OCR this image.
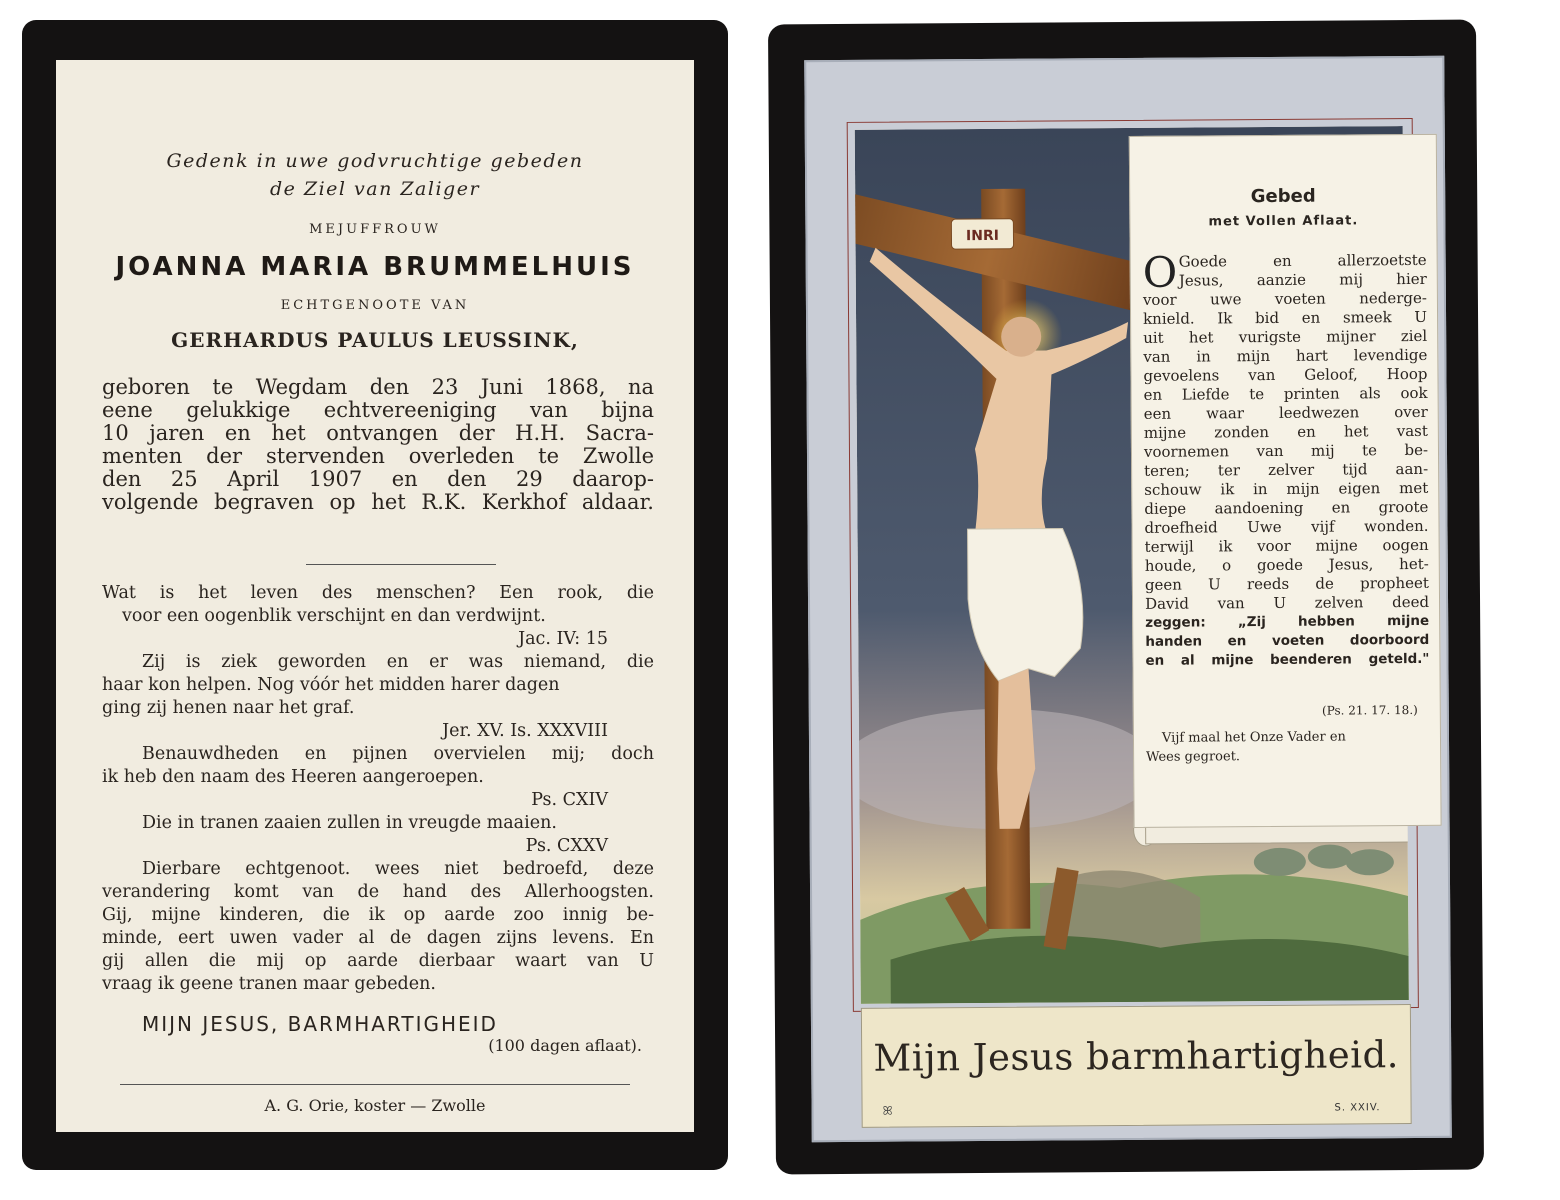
Gedenk in uwe godvruchtige gebeden
de Ziel van Zaliger
MEJUFFROUW
JOANNA MARIA BRUMMELHUIS
ECHTGENOOTE VAN
GERHARDUS PAULUS LEUSSINK,
geboren te Wegdam den 23 Juni 1868, na
eene gelukkige echtvereeniging van bijna
10 jaren en het ontvangen der H.H. Sacra-
menten der stervenden overleden te Zwolle
den 25 April 1907 en den 29 daarop-
volgende begraven op het R.K. Kerkhof aldaar.
Wat is het leven des menschen? Een rook, die
voor een oogenblik verschijnt en dan verdwijnt.
Jac. IV: 15
Zij is ziek geworden en er was niemand, die
haar kon helpen. Nog vóór het midden harer dagen
ging zij henen naar het graf.
Jer. XV. Is. XXXVIII
Benauwdheden en pijnen overvielen mij; doch
ik heb den naam des Heeren aangeroepen.
Ps. CXIV
Die in tranen zaaien zullen in vreugde maaien.
Ps. CXXV
Dierbare echtgenoot. wees niet bedroefd, deze
verandering komt van de hand des Allerhoogsten.
Gij, mijne kinderen, die ik op aarde zoo innig be-
minde, eert uwen vader al de dagen zijns levens. En
gij allen die mij op aarde dierbaar waart van U
vraag ik geene tranen maar gebeden.
MIJN JESUS, BARMHARTIGHEID
(100 dagen aflaat).
A. G. Orie, koster — Zwolle
INRI
Gebed
met Vollen Aflaat.
O Goede en allerzoetste
Jesus, aanzie mij hier
voor uwe voeten nederge-
knield. Ik bid en smeek U
uit het vurigste mijner ziel
van in mijn hart levendige
gevoelens van Geloof, Hoop
en Liefde te printen als ook
een waar leedwezen over
mijne zonden en het vast
voornemen van mij te be-
teren; ter zelver tijd aan-
schouw ik in mijn eigen met
diepe aandoening en groote
droefheid Uwe vijf wonden.
terwijl ik voor mijne oogen
houde, o goede Jesus, het-
geen U reeds de propheet
David van U zelven deed
zeggen: „Zij hebben mijne
handen en voeten doorboord
en al mijne beenderen geteld."
(Ps. 21. 17. 18.)
Vijf maal het Onze Vader en
Wees gegroet.
Mijn Jesus barmhartigheid.
S. XXIV.
ꕤ
